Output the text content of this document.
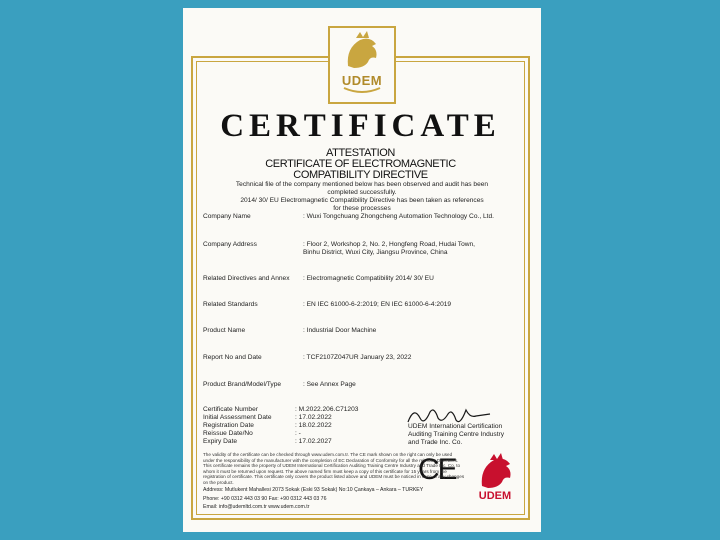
UDEM
CERTIFICATE
ATTESTATION
CERTIFICATE OF ELECTROMAGNETIC
COMPATIBILITY DIRECTIVE
Technical file of the company mentioned below has been observed and audit has been
completed successfully.
2014/ 30/ EU Electromagnetic Compatibility Directive has been taken as references
for these processes
Company Name	: Wuxi Tongchuang Zhongcheng Automation Technology Co., Ltd.
Company Address	: Floor 2, Workshop 2, No. 2, Hongfeng Road, Hudai Town, Binhu District, Wuxi City, Jiangsu Province, China
Related Directives and Annex	: Electromagnetic Compatibility 2014/ 30/ EU
Related Standards	: EN IEC 61000-6-2:2019; EN IEC 61000-6-4:2019
Product Name	: Industrial Door Machine
Report No and Date	: TCF2107Z047UR January 23, 2022
Product Brand/Model/Type	: See Annex Page
Certificate Number	: M.2022.206.C71203
Initial Assessment Date	: 17.02.2022
Registration Date	: 18.02.2022
Reissue Date/No	: -
Expiry Date	: 17.02.2027
UDEM International Certification
Auditing Training Centre Industry
and Trade Inc. Co.
CE
UDEM
The validity of the certificate can be checked through www.udem.com.tr. The CE mark shown on the right can only be used under the responsibility of the manufacturer with the completion of EC Declaration of Conformity for all the relevant Directives. This certificate remains the property of UDEM International Certification Auditing Training Centre Industry and Trade Inc. Co. to whom it must be returned upon request. The above named firm must keep a copy of this certificate for 15 years from the registration of certificate. This certificate only covers the product listed above and UDEM must be noticed in case of any changes on the product.
Address: Mutlukent Mahallesi 2073 Sokak (Eski 93 Sokak) No:10 Çankaya – Ankara – TURKEY
Phone: +90 0312 443 03 90 Fax: +90 0312 443 03 76
Email: info@udemltd.com.tr www.udem.com.tr
